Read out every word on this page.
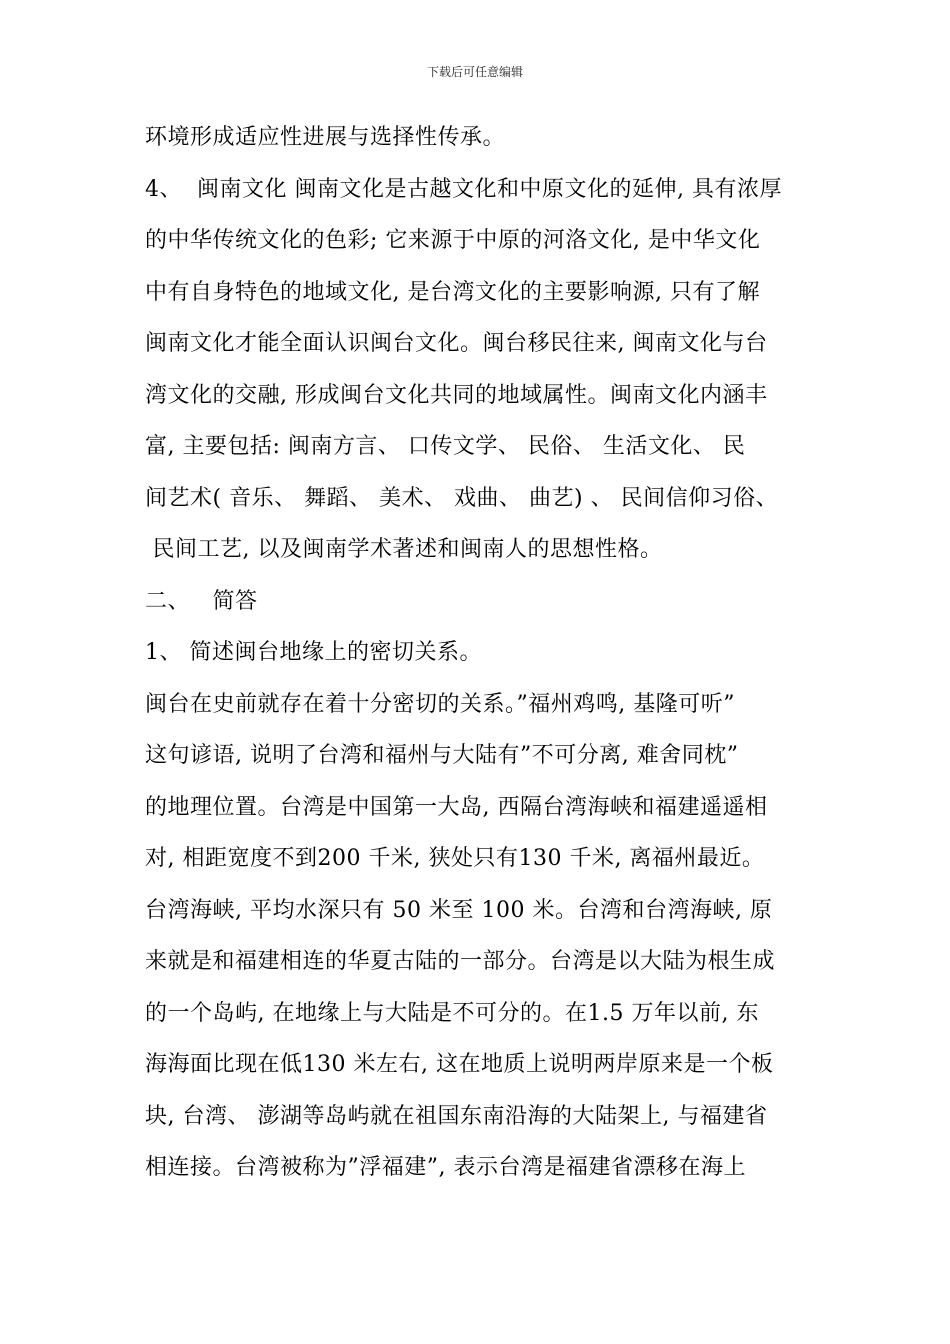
下载后可任意编辑
环境形成适应性进展与选择性传承。
4、  闽南文化 闽南文化是古越文化和中原文化的延伸, 具有浓厚
的中华传统文化的色彩; 它来源于中原的河洛文化, 是中华文化
中有自身特色的地域文化, 是台湾文化的主要影响源, 只有了解
闽南文化才能全面认识闽台文化。闽台移民往来, 闽南文化与台
湾文化的交融, 形成闽台文化共同的地域属性。闽南文化内涵丰
富, 主要包括: 闽南方言、 口传文学、 民俗、 生活文化、 民
间艺术( 音乐、 舞蹈、 美术、 戏曲、 曲艺) 、 民间信仰习俗、
民间工艺, 以及闽南学术著述和闽南人的思想性格。
二、   简答
1、 简述闽台地缘上的密切关系。
闽台在史前就存在着十分密切的关系。”福州鸡鸣, 基隆可听”
这句谚语, 说明了台湾和福州与大陆有”不可分离, 难舍同枕”
的地理位置。台湾是中国第一大岛, 西隔台湾海峡和福建遥遥相
对, 相距宽度不到200 千米, 狭处只有130 千米, 离福州最近。
台湾海峡, 平均水深只有 50 米至 100 米。台湾和台湾海峡, 原
来就是和福建相连的华夏古陆的一部分。台湾是以大陆为根生成
的一个岛屿, 在地缘上与大陆是不可分的。在1.5 万年以前, 东
海海面比现在低130 米左右, 这在地质上说明两岸原来是一个板
块, 台湾、 澎湖等岛屿就在祖国东南沿海的大陆架上, 与福建省
相连接。台湾被称为”浮福建”, 表示台湾是福建省漂移在海上
